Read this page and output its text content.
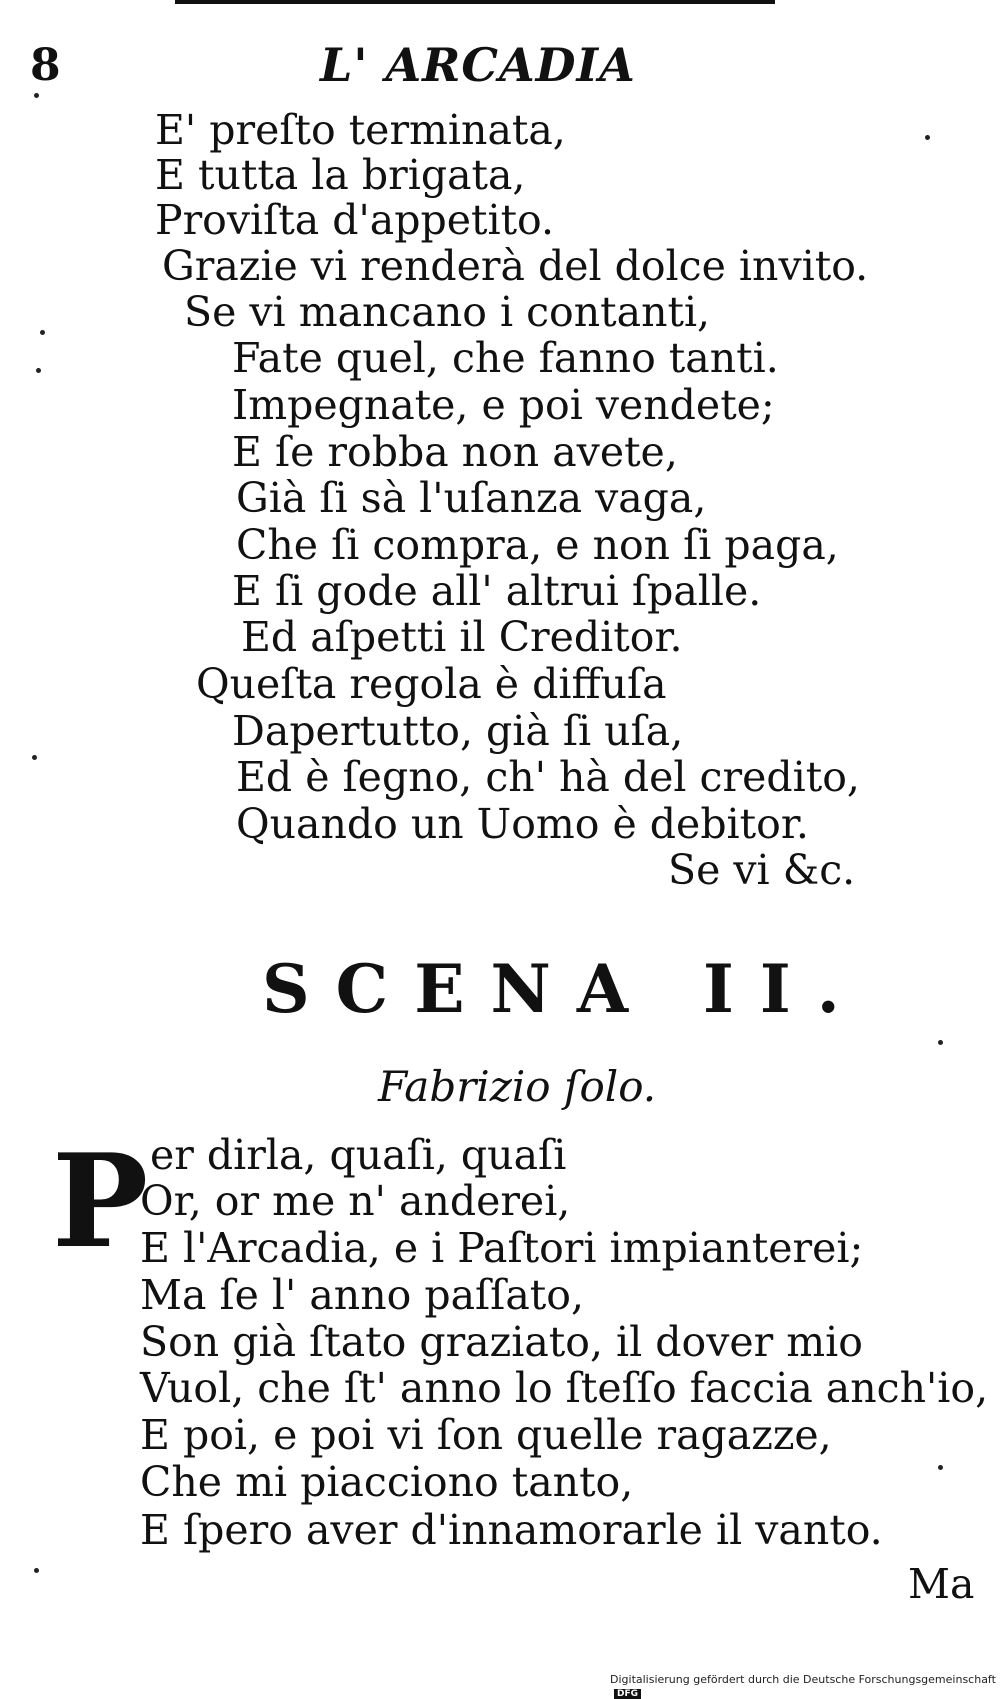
8	L' ARCADIA
E' preſto terminata,
E tutta la brigata,
Proviſta d'appetito.
Grazie vi renderà del dolce invito.
Se vi mancano i contanti,
Fate quel, che fanno tanti.
Impegnate, e poi vendete;
E ſe robba non avete,
Già ſi sà l'uſanza vaga,
Che ſi compra, e non ſi paga,
E ſi gode all' altrui ſpalle.
Ed aſpetti il Creditor.
Queſta regola è diffuſa
Dapertutto, già ſi uſa,
Ed è ſegno, ch' hà del credito,
Quando un Uomo è debitor.
Se vi &c.
SCENA II.
Fabrizio ſolo.
P er dirla, quaſi, quaſi
Or, or me n' anderei,
E l'Arcadia, e i Paſtori impianterei;
Ma ſe l' anno paſſato,
Son già ſtato graziato, il dover mio
Vuol, che ſt' anno lo ſteſſo faccia anch'io,
E poi, e poi vi ſon quelle ragazze,
Che mi piacciono tanto,
E ſpero aver d'innamorarle il vanto.
Ma
Digitalisierung gefördert durch die Deutsche Forschungsgemeinschaft DFG
